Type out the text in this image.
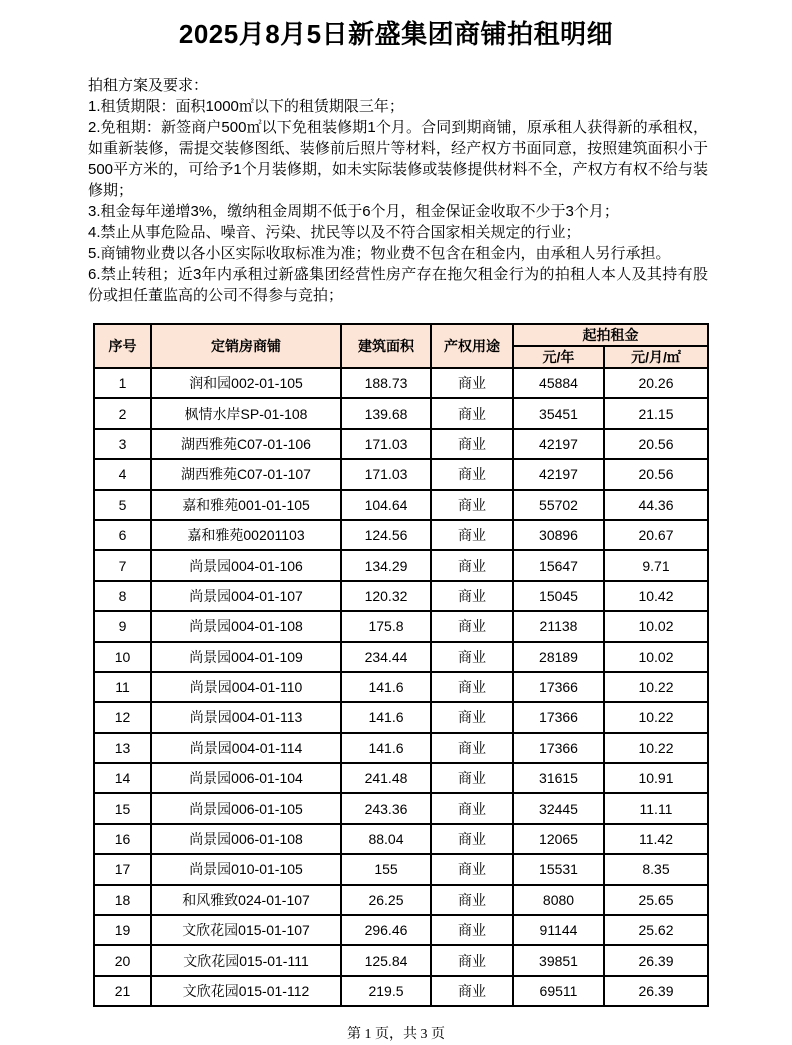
2025月8月5日新盛集团商铺拍租明细

拍租方案及要求：

1.租赁期限：面积1000㎡以下的租赁期限三年；

2.免租期：新签商户500㎡以下免租装修期1个月。合同到期商铺，原承租人获得新的承租权，如重新装修，需提交装修图纸、装修前后照片等材料，经产权方书面同意，按照建筑面积小于500平方米的，可给予1个月装修期，如未实际装修或装修提供材料不全，产权方有权不给与装修期；

3.租金每年递增3%，缴纳租金周期不低于6个月，租金保证金收取不少于3个月；

4.禁止从事危险品、噪音、污染、扰民等以及不符合国家相关规定的行业；

5.商铺物业费以各小区实际收取标准为准；物业费不包含在租金内，由承租人另行承担。

6.禁止转租；近3年内承租过新盛集团经营性房产存在拖欠租金行为的拍租人本人及其持有股份或担任董监高的公司不得参与竞拍；

序号	定销房商铺	建筑面积	产权用途	起拍租金	
				元/年	元/月/㎡
1	润和园002-01-105	188.73	商业	45884	20.26
2	枫情水岸SP-01-108	139.68	商业	35451	21.15
3	湖西雅苑C07-01-106	171.03	商业	42197	20.56
4	湖西雅苑C07-01-107	171.03	商业	42197	20.56
5	嘉和雅苑001-01-105	104.64	商业	55702	44.36
6	嘉和雅苑00201103	124.56	商业	30896	20.67
7	尚景园004-01-106	134.29	商业	15647	9.71
8	尚景园004-01-107	120.32	商业	15045	10.42
9	尚景园004-01-108	175.8	商业	21138	10.02
10	尚景园004-01-109	234.44	商业	28189	10.02
11	尚景园004-01-110	141.6	商业	17366	10.22
12	尚景园004-01-113	141.6	商业	17366	10.22
13	尚景园004-01-114	141.6	商业	17366	10.22
14	尚景园006-01-104	241.48	商业	31615	10.91
15	尚景园006-01-105	243.36	商业	32445	11.11
16	尚景园006-01-108	88.04	商业	12065	11.42
17	尚景园010-01-105	155	商业	15531	8.35
18	和风雅致024-01-107	26.25	商业	8080	25.65
19	文欣花园015-01-107	296.46	商业	91144	25.62
20	文欣花园015-01-111	125.84	商业	39851	26.39
21	文欣花园015-01-112	219.5	商业	69511	26.39
第 1 页，共 3 页
